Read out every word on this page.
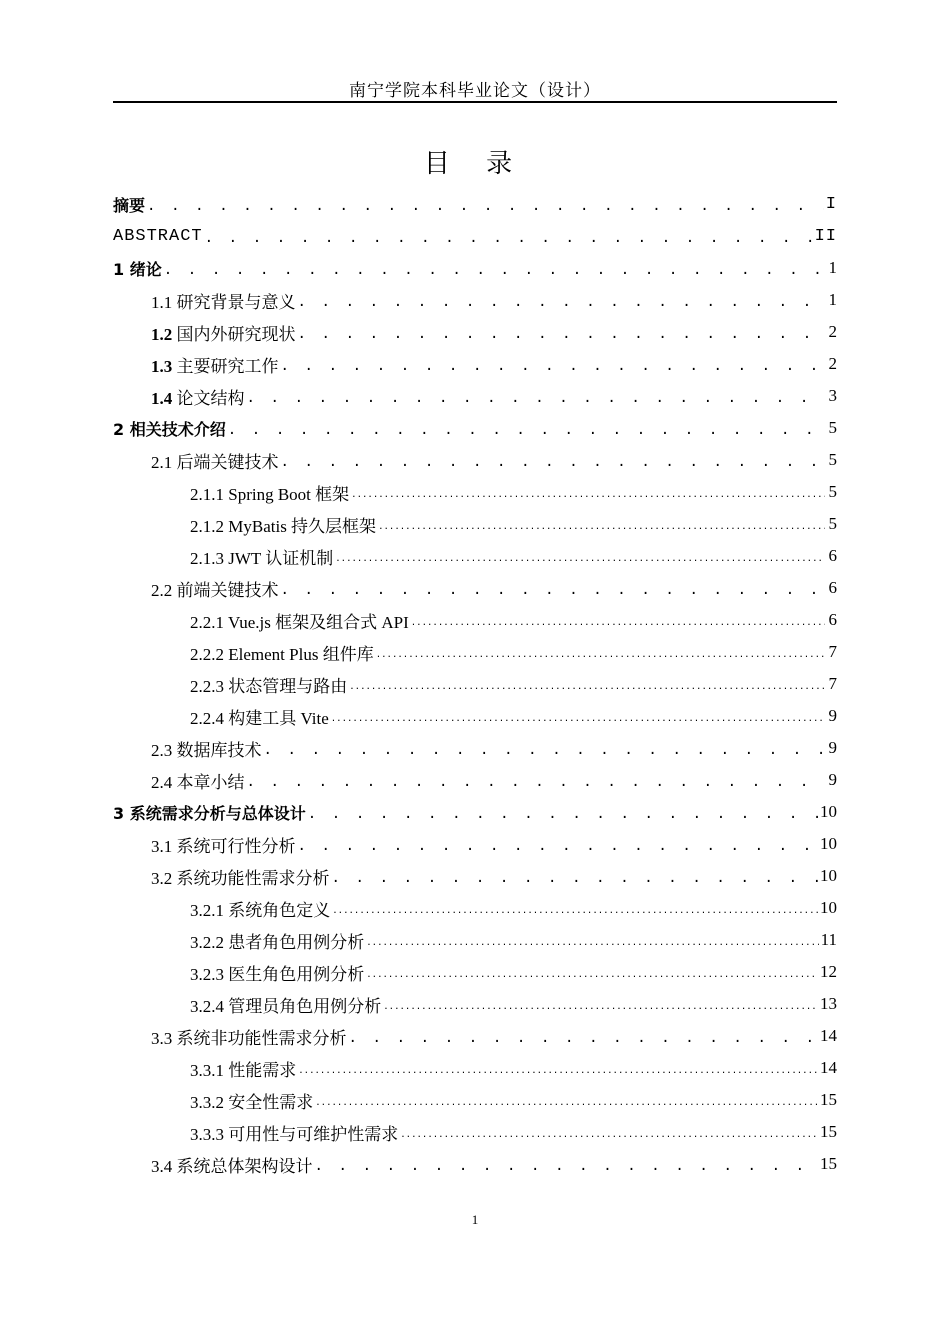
南宁学院本科毕业论文（设计）
目 录
摘要 . . .	I
ABSTRACT . . .	II
1 绪论 . . .	1
1.1 研究背景与意义 . . .	1
1.2 国内外研究现状 . . .	2
1.3 主要研究工作 . . .	2
1.4 论文结构 . . .	3
2 相关技术介绍 . . .	5
2.1 后端关键技术 . . .	5
2.1.1 Spring Boot 框架 .....	5
2.1.2 MyBatis 持久层框架 .....	5
2.1.3 JWT 认证机制 .....	6
2.2 前端关键技术 . . .	6
2.2.1 Vue.js 框架及组合式 API .....	6
2.2.2 Element Plus 组件库 .....	7
2.2.3 状态管理与路由 .....	7
2.2.4 构建工具 Vite .....	9
2.3 数据库技术 . . .	9
2.4 本章小结 . . .	9
3 系统需求分析与总体设计 . . .	10
3.1 系统可行性分析 . . .	10
3.2 系统功能性需求分析 . . .	10
3.2.1 系统角色定义 .....	10
3.2.2 患者角色用例分析 .....	11
3.2.3 医生角色用例分析 .....	12
3.2.4 管理员角色用例分析 .....	13
3.3 系统非功能性需求分析 . . .	14
3.3.1 性能需求 .....	14
3.3.2 安全性需求 .....	15
3.3.3 可用性与可维护性需求 .....	15
3.4 系统总体架构设计 . . .	15
1
